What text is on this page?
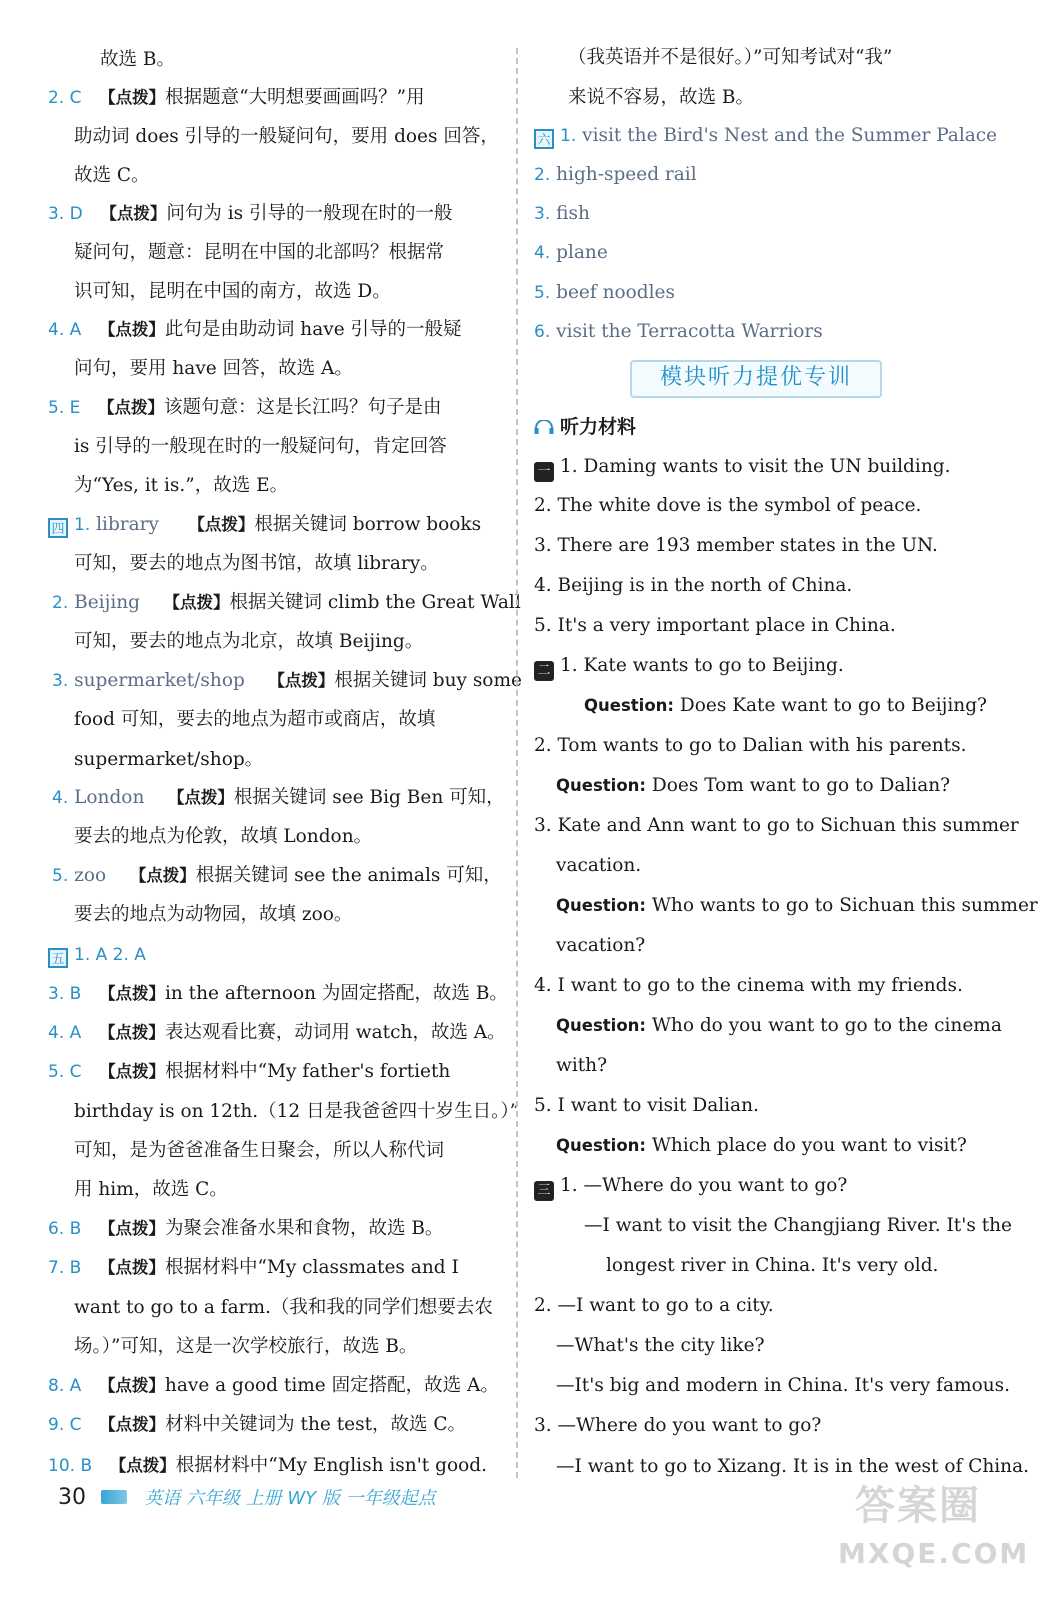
故选 B。
2. C 【点拨】根据题意“大明想要画画吗？”用
助动词 does 引导的一般疑问句，要用 does 回答，
故选 C。
3. D 【点拨】问句为 is 引导的一般现在时的一般
疑问句，题意：昆明在中国的北部吗？根据常
识可知，昆明在中国的南方，故选 D。
4. A 【点拨】此句是由助动词 have 引导的一般疑
问句，要用 have 回答，故选 A。
5. E 【点拨】该题句意：这是长江吗？句子是由
is 引导的一般现在时的一般疑问句，肯定回答
为“Yes, it is.”，故选 E。
四 1. library 【点拨】根据关键词 borrow books
可知，要去的地点为图书馆，故填 library。
2. Beijing 【点拨】根据关键词 climb the Great Wall
可知，要去的地点为北京，故填 Beijing。
3. supermarket/shop 【点拨】根据关键词 buy some
food 可知，要去的地点为超市或商店，故填
supermarket/shop。
4. London 【点拨】根据关键词 see Big Ben 可知，
要去的地点为伦敦，故填 London。
5. zoo 【点拨】根据关键词 see the animals 可知，
要去的地点为动物园，故填 zoo。
五 1. A 2. A
3. B 【点拨】in the afternoon 为固定搭配，故选 B。
4. A 【点拨】表达观看比赛，动词用 watch，故选 A。
5. C 【点拨】根据材料中“My father's fortieth
birthday is on 12th.（12 日是我爸爸四十岁生日。）”
可知，是为爸爸准备生日聚会，所以人称代词
用 him，故选 C。
6. B 【点拨】为聚会准备水果和食物，故选 B。
7. B 【点拨】根据材料中“My classmates and I
want to go to a farm.（我和我的同学们想要去农
场。）”可知，这是一次学校旅行，故选 B。
8. A 【点拨】have a good time 固定搭配，故选 A。
9. C 【点拨】材料中关键词为 the test，故选 C。
10. B 【点拨】根据材料中“My English isn't good.
（我英语并不是很好。）”可知考试对“我”
来说不容易，故选 B。
六 1. visit the Bird's Nest and the Summer Palace
2. high-speed rail
3. fish
4. plane
5. beef noodles
6. visit the Terracotta Warriors
模块听力提优专训
听力材料
一 1. Daming wants to visit the UN building.
2. The white dove is the symbol of peace.
3. There are 193 member states in the UN.
4. Beijing is in the north of China.
5. It's a very important place in China.
二 1. Kate wants to go to Beijing.
Question: Does Kate want to go to Beijing?
2. Tom wants to go to Dalian with his parents.
Question: Does Tom want to go to Dalian?
3. Kate and Ann want to go to Sichuan this summer
vacation.
Question: Who wants to go to Sichuan this summer
vacation?
4. I want to go to the cinema with my friends.
Question: Who do you want to go to the cinema
with?
5. I want to visit Dalian.
Question: Which place do you want to visit?
三 1. —Where do you want to go?
—I want to visit the Changjiang River. It's the
longest river in China. It's very old.
2. —I want to go to a city.
—What's the city like?
—It's big and modern in China. It's very famous.
3. —Where do you want to go?
—I want to go to Xizang. It is in the west of China.
30	英语 六年级 上册 WY 版 一年级起点	答案圈
MXQE.COM
